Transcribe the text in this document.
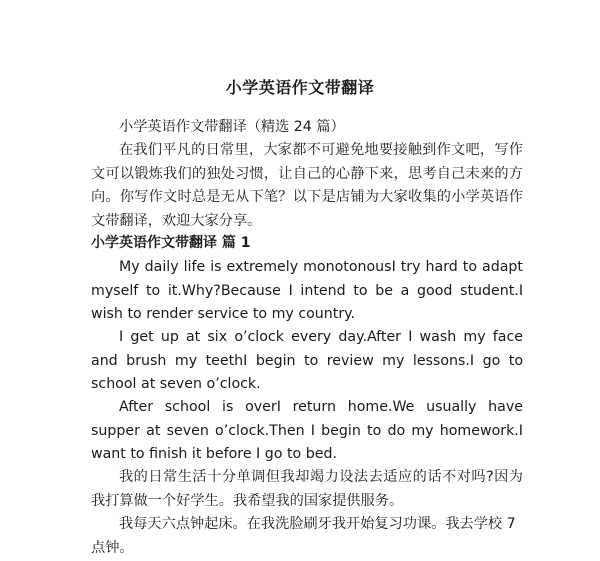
小学英语作文带翻译
小学英语作文带翻译（精选 24 篇）
在我们平凡的日常里，大家都不可避免地要接触到作文吧，写作文可以锻炼我们的独处习惯，让自己的心静下来，思考自己未来的方向。你写作文时总是无从下笔？以下是店铺为大家收集的小学英语作文带翻译，欢迎大家分享。
小学英语作文带翻译 篇 1
My daily life is extremely monotonousI try hard to adapt myself to it.Why?Because I intend to be a good student.I wish to render service to my country.
I get up at six o’clock every day.After I wash my face and brush my teethI begin to review my lessons.I go to school at seven o’clock.
After school is overI return home.We usually have supper at seven o’clock.Then I begin to do my homework.I want to finish it before I go to bed.
我的日常生活十分单调但我却竭力设法去适应的话不对吗?因为我打算做一个好学生。我希望我的国家提供服务。
我每天六点钟起床。在我洗脸刷牙我开始复习功课。我去学校 7
点钟。
